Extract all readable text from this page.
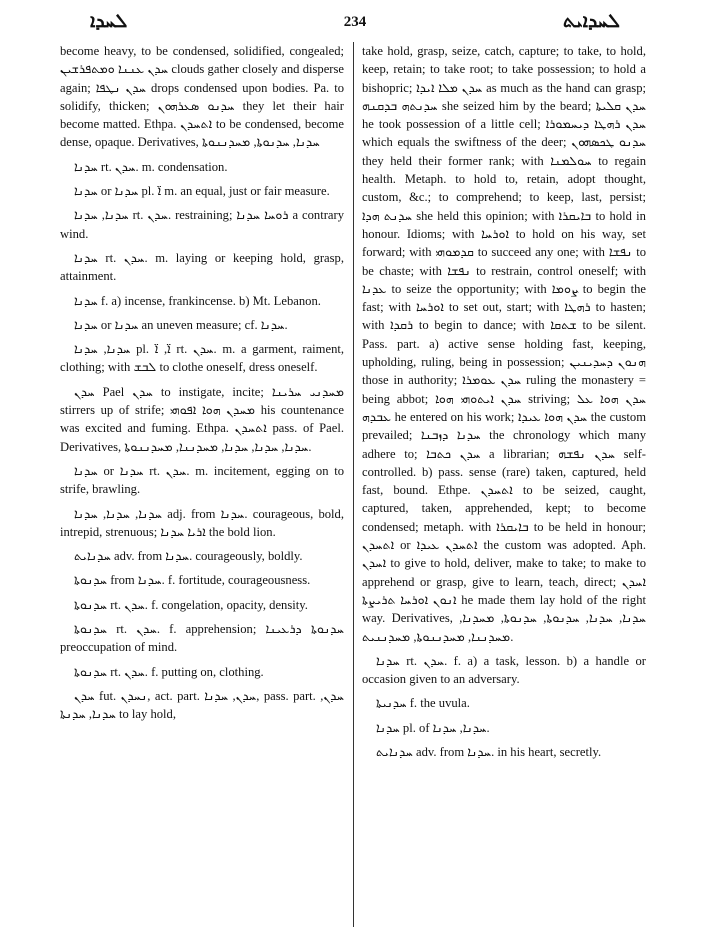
ܠܚܕܐ	234	ܠܚܕܐܝܬ

become heavy, to be condensed, solidified, congealed; ܚܕܢ ܥܢܢܐ ܘܡܬܦܪܫܝܢ clouds gather closely and disperse again; ܚܕܢ ܢܛܦܐ drops condensed upon bodies. Pa. to solidify, thicken; ܚܕܢܘ ܣܥܪܗܘܢ they let their hair become matted. Ethpa. ܐܬܚܕܢ to be condensed, become dense, opaque. Derivatives, ܚܕܢܐ, ܚܕܢܘܬܐ, ܡܚܕܢܢܘܬܐ

ܚܕܢܐ rt. ܚܕܢ. m. condensation.

ܚܕܢܐ or ܚܕܢܐ pl. ܐ̈ m. an equal, just or fair measure.

ܚܕܢܐ, ܚܕܢܐ rt. ܚܕܢ. restraining; ܪܘܚܐ ܚܕܢܐ a contrary wind.

ܚܕܢܐ rt. ܚܕܢ. m. laying or keeping hold, grasp, attainment.

ܚܕܢܐ f. a) incense, frankincense. b) Mt. Lebanon.

ܚܕܢܐ or ܚܕܢܐ an uneven measure; cf. ܚܕܢܐ.

ܚܕܢܐ, ܚܕܢܐ pl. ܐ̈, ܐ̈ rt. ܚܕܢ. m. a garment, raiment, clothing; with ܠܒܫ to clothe oneself, dress oneself.

ܚܕܢ Pael ܚܕܢ to instigate, incite; ܡܚܕܢܝ ܚܪܝܢܐ stirrers up of strife; ܡܚܕܢ ܗܘܐ ܐܦܘܗܝ his countenance was excited and fuming. Ethpa. ܐܬܚܕܢ pass. of Pael. Derivatives, ܚܕܢܐ, ܚܕܢܐ, ܚܕܢܐ, ܡܚܕܢܢܐ, ܡܚܕܢܢܘܬܐ.

ܚܕܢܐ or ܚܕܢܐ rt. ܚܕܢ. m. incitement, egging on to strife, brawling.

ܚܕܢܐ, ܚܕܢܐ, ܚܕܢܐ adj. from ܚܕܢܐ. courageous, bold, intrepid, strenuous; ܐܪܝܐ ܚܕܢܐ the bold lion.

ܚܕܢܐܝܬ adv. from ܚܕܢܐ. courageously, boldly.

ܚܕܢܘܬܐ from ܚܕܢܐ. f. fortitude, courageousness.

ܚܕܢܘܬܐ rt. ܚܕܢ. f. congelation, opacity, density.

ܚܕܢܘܬܐ rt. ܚܕܢ. f. apprehension; ܚܕܢܘܬܐ ܕܪܥܝܢܐ preoccupation of mind.

ܚܕܢܘܬܐ rt. ܚܕܢ. f. putting on, clothing.

ܚܕܢ fut. ܢܚܕܢ, act. part. ܚܕܢ, ܚܕܢܐ, pass. part. ܚܕܢ, ܚܕܢܐ, ܚܕܢܬܐ to lay hold,

take hold, grasp, seize, catch, capture; to take, to hold, keep, retain; to take root; to take possession; to hold a bishopric; ܚܕܢ ܡܠܐ ܐܝܕܐ as much as the hand can grasp; ܚܕܢܬܗ ܒܕܩܢܗ she seized him by the beard; ܚܕܢ ܩܠܝܬܐ he took possession of a little cell; ܚܕܢ ܪܗܛܐ ܕܝܚܡܘܪܐ which equals the swiftness of the deer; ܚܕܢܘ ܛܟܣܗܘܢ they held their former rank; with ܚܘܠܡܢܐ to regain health. Metaph. to hold to, retain, adopt thought, custom, &c.; to comprehend; to keep, last, persist; ܚܕܢܬ ܗܕܐ she held this opinion; with ܒܐܝܩܪܐ to hold in honour. Idioms; with ܐܘܪܚܐ to hold on his way, set forward; with ܩܕܡܘܗܝ to succeed any one; with ܢܦܫܐ to be chaste; with ܢܦܫܐ to restrain, control oneself; with ܥܕܢܐ to seize the opportunity; with ܨܘܡܐ to begin the fast; with ܐܘܪܚܐ to set out, start; with ܪܗܛܐ to hasten; with ܪܩܕܐ to begin to dance; with ܫܬܩܐ to be silent. Pass. part. a) active sense holding fast, keeping, upholding, ruling, being in possession; ܗܢܘܢ ܕܚܕܝܢܝܢ those in authority; ܚܕܢ ܥܘܡܪܐ ruling the monastery = being abbot; ܚܕܢ ܐܝܬܘܗܝ ܗܘܐ striving; ܚܕܢ ܗܘܐ ܥܠ ܥܒܕܗ he entered on his work; ܚܕܢ ܗܘܐ ܥܝܕܐ the custom prevailed; ܚܕܢܐ ܕܙܒܢܐ the chronology which many adhere to; ܚܕܢ ܟܬܒܐ a librarian; ܚܕܢ ܢܦܫܗ self-controlled. b) pass. sense (rare) taken, captured, held fast, bound. Ethpe. ܐܬܚܕܢ to be seized, caught, captured, taken, apprehended, kept; to become condensed; metaph. with ܒܐܝܩܪܐ to be held in honour; ܐܬܚܕܢ or ܐܬܚܕܢ ܥܝܕܐ the custom was adopted. Aph. ܐܚܕܢ to give to hold, deliver, make to take; to make to apprehend or grasp, give to learn, teach, direct; ܐܚܕܢ ܐܢܘܢ ܐܘܪܚܐ ܬܪܝܨܬܐ he made them lay hold of the right way. Derivatives, ܚܕܢܐ, ܚܕܢܐ, ܚܕܢܘܬܐ, ܚܕܢܘܬܐ, ܡܚܕܢܐ, ܡܚܕܢܢܐ, ܡܚܕܢܢܘܬܐ, ܡܚܕܢܢܝܬ.

ܚܕܢܐ rt. ܚܕܢ. f. a) a task, lesson. b) a handle or occasion given to an adversary.

ܚܕܢܝܬܐ f. the uvula.

ܚܕܢܐ pl. of ܚܕܢܐ, ܚܕܢܐ.

ܚܕܢܐܝܬ adv. from ܚܕܢܐ. in his heart, secretly.
